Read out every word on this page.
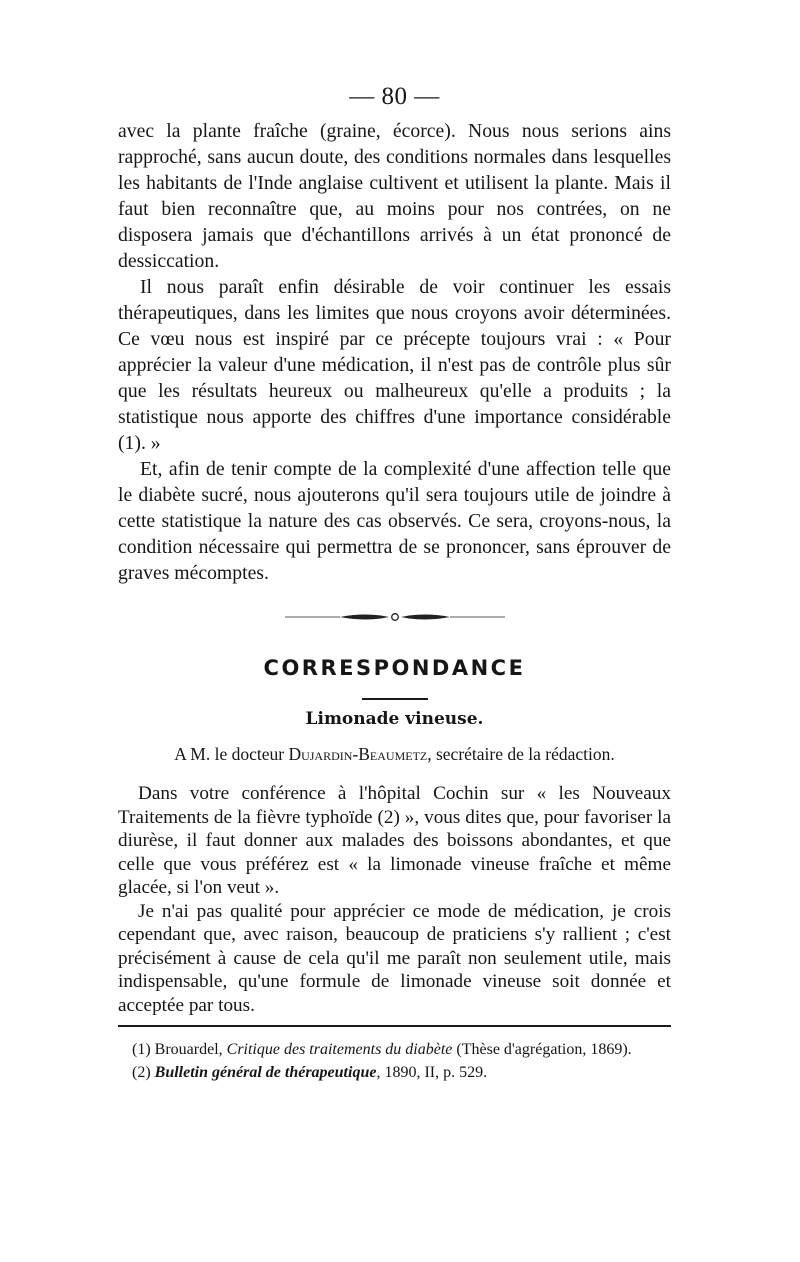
— 80 —

avec la plante fraîche (graine, écorce). Nous nous serions ains rapproché, sans aucun doute, des conditions normales dans lesquelles les habitants de l'Inde anglaise cultivent et utilisent la plante. Mais il faut bien reconnaître que, au moins pour nos contrées, on ne disposera jamais que d'échantillons arrivés à un état prononcé de dessiccation.

Il nous paraît enfin désirable de voir continuer les essais thérapeutiques, dans les limites que nous croyons avoir déterminées. Ce vœu nous est inspiré par ce précepte toujours vrai : « Pour apprécier la valeur d'une médication, il n'est pas de contrôle plus sûr que les résultats heureux ou malheureux qu'elle a produits ; la statistique nous apporte des chiffres d'une importance considérable (1). »

Et, afin de tenir compte de la complexité d'une affection telle que le diabète sucré, nous ajouterons qu'il sera toujours utile de joindre à cette statistique la nature des cas observés. Ce sera, croyons-nous, la condition nécessaire qui permettra de se prononcer, sans éprouver de graves mécomptes.

CORRESPONDANCE
Limonade vineuse.
A M. le docteur Dujardin-Beaumetz, secrétaire de la rédaction.

Dans votre conférence à l'hôpital Cochin sur « les Nouveaux Traitements de la fièvre typhoïde (2) », vous dites que, pour favoriser la diurèse, il faut donner aux malades des boissons abondantes, et que celle que vous préférez est « la limonade vineuse fraîche et même glacée, si l'on veut ».

Je n'ai pas qualité pour apprécier ce mode de médication, je crois cependant que, avec raison, beaucoup de praticiens s'y rallient ; c'est précisément à cause de cela qu'il me paraît non seulement utile, mais indispensable, qu'une formule de limonade vineuse soit donnée et acceptée par tous.

(1) Brouardel, Critique des traitements du diabète (Thèse d'agrégation, 1869).

(2) Bulletin général de thérapeutique, 1890, II, p. 529.
